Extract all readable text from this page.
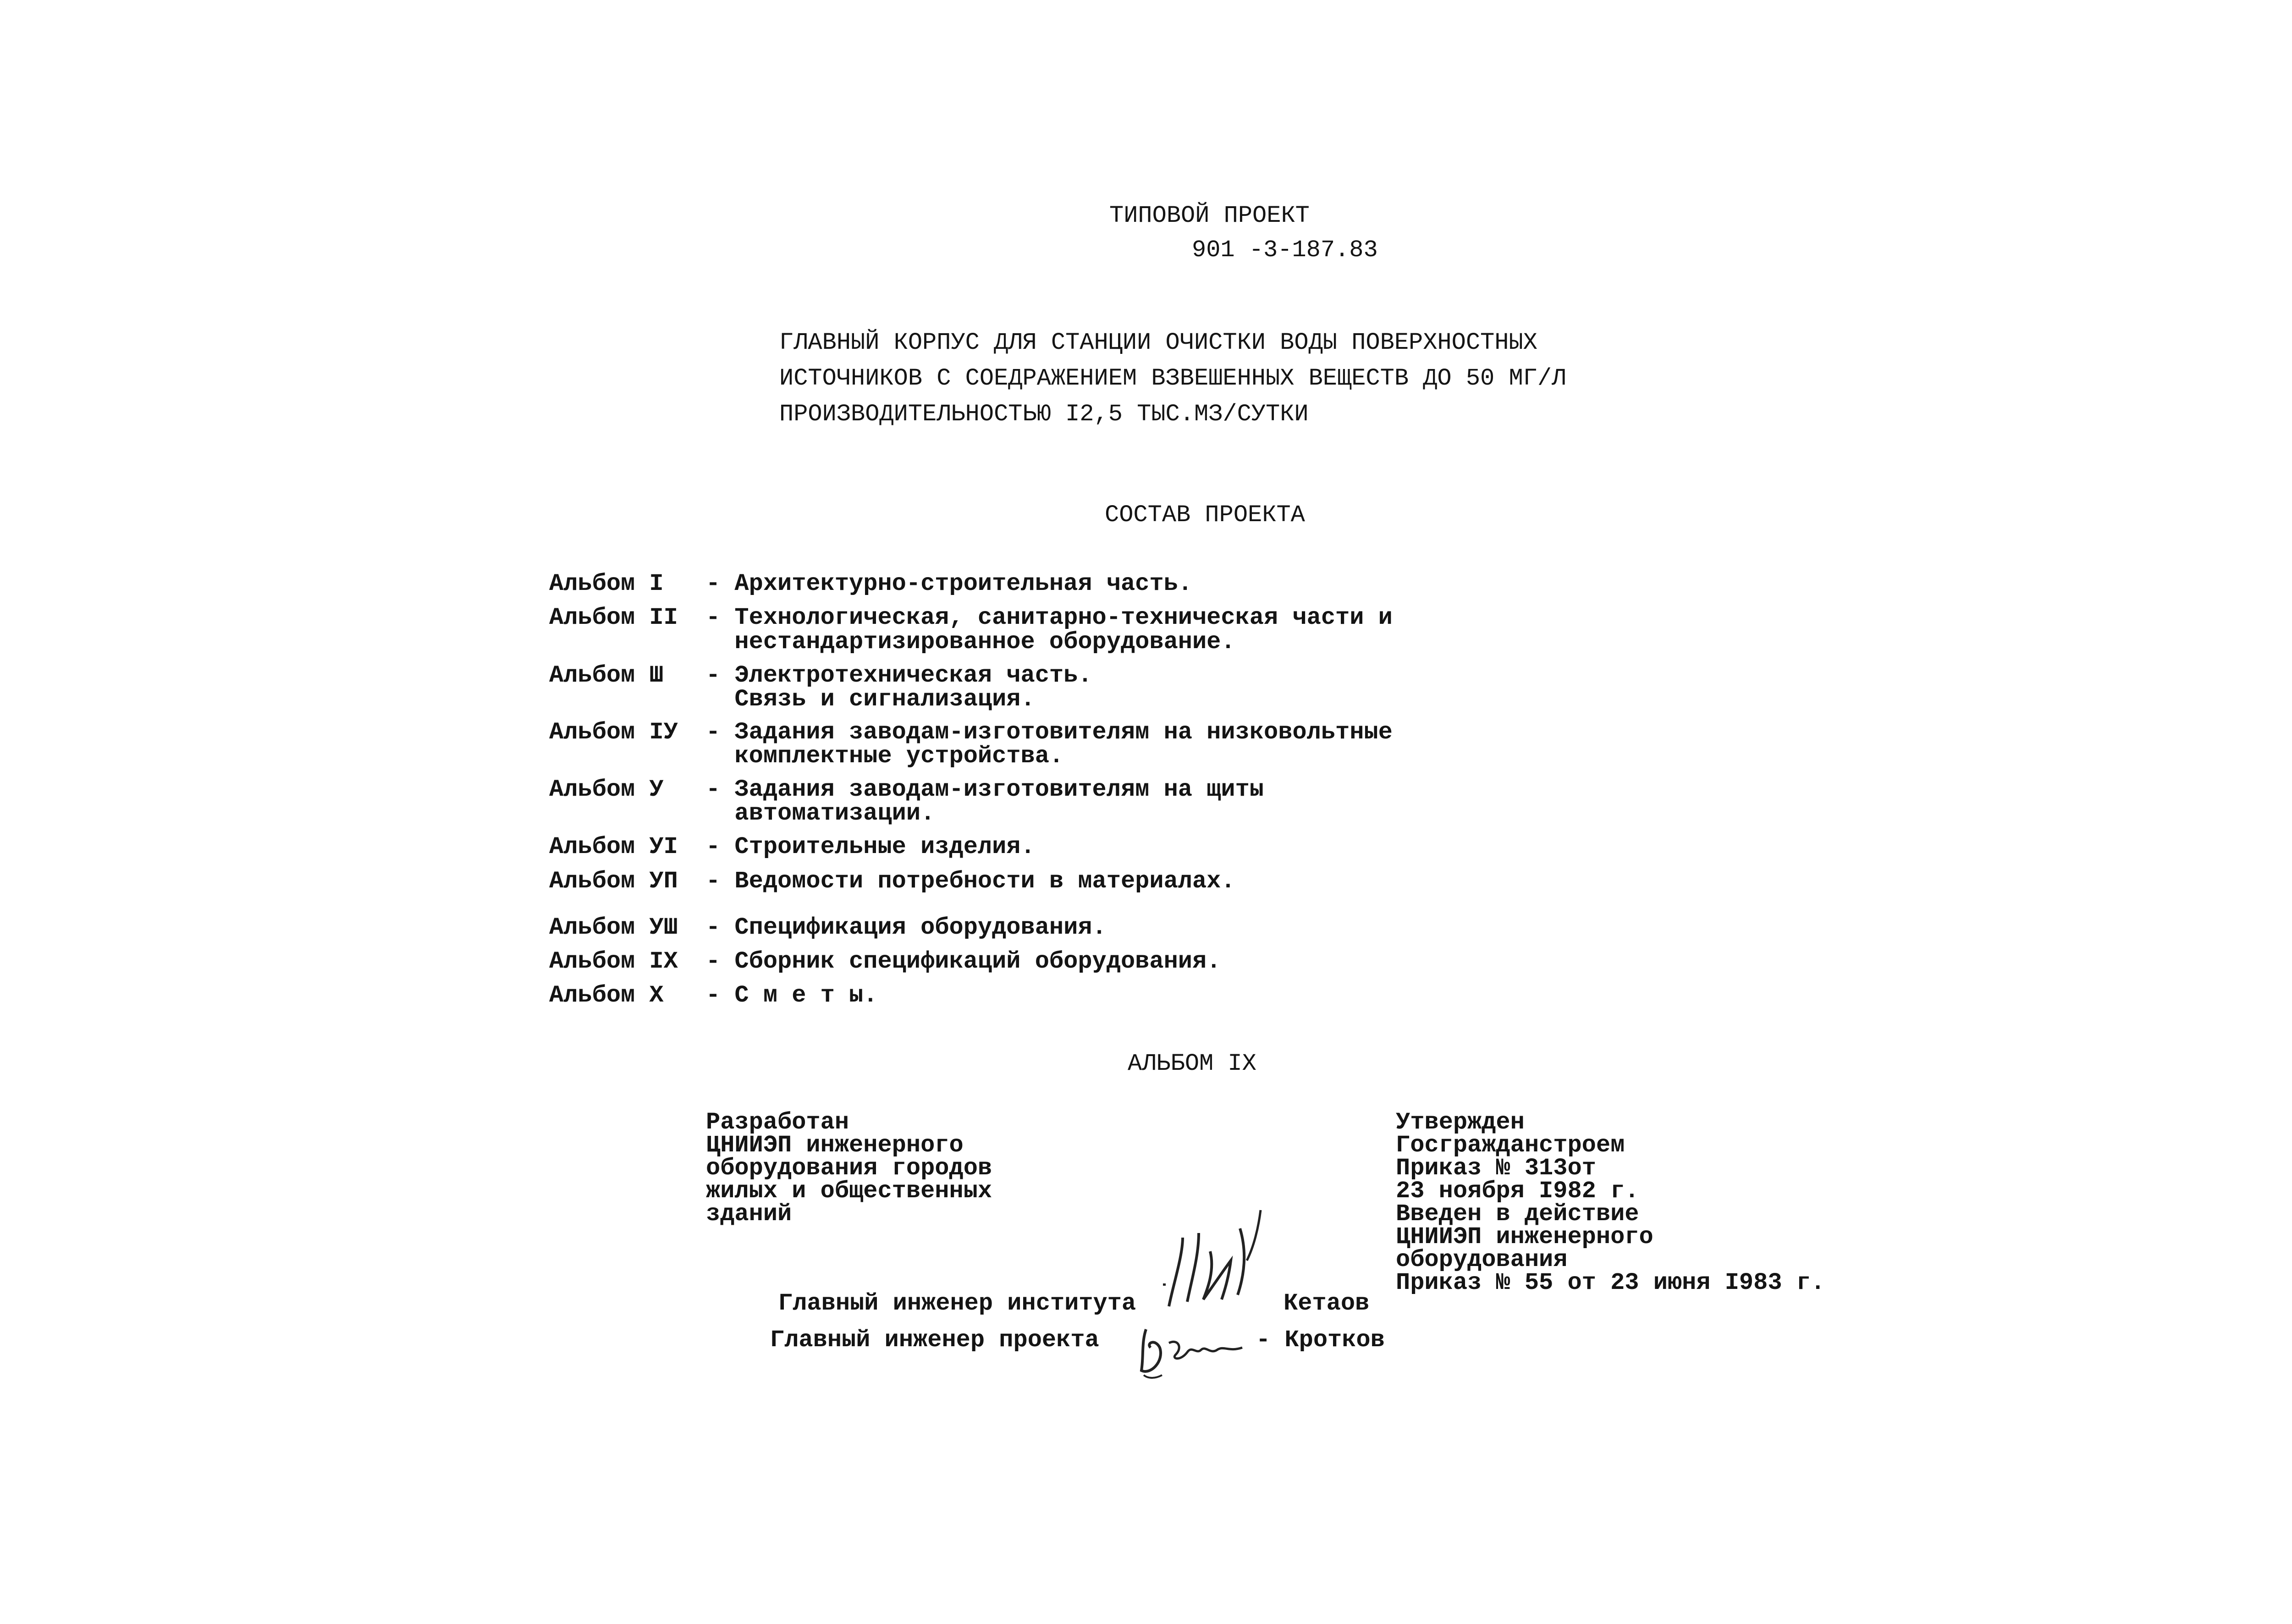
ТИПОВОЙ ПРОЕКТ
901 -3-187.83
ГЛАВНЫЙ КОРПУС ДЛЯ СТАНЦИИ ОЧИСТКИ ВОДЫ ПОВЕРХНОСТНЫХ
ИСТОЧНИКОВ С СОЕДРАЖЕНИЕМ ВЗВЕШЕННЫХ ВЕЩЕСТВ ДО 50 МГ/Л
ПРОИЗВОДИТЕЛЬНОСТЬЮ I2,5 ТЫС.МЗ/СУТКИ
СОСТАВ ПРОЕКТА
Альбом I - Архитектурно-строительная часть.
Альбом II - Технологическая, санитарно-техническая части и
нестандартизированное оборудование.
Альбом Ш - Электротехническая часть.
Связь и сигнализация.
Альбом IУ - Задания заводам-изготовителям на низковольтные
комплектные устройства.
Альбом У - Задания заводам-изготовителям на щиты
автоматизации.
Альбом УI - Строительные изделия.
Альбом УП - Ведомости потребности в материалах.
Альбом УШ - Спецификация оборудования.
Альбом IX - Сборник спецификаций оборудования.
Альбом X - С м е т ы.
АЛЬБОМ IX
Разработан
ЦНИИЭП инженерного
оборудования городов
жилых и общественных
зданий
Утвержден
Госгражданстроем
Приказ № 313от
23 ноября I982 г.
Введен в действие
ЦНИИЭП инженерного
оборудования
Приказ № 55 от 23 июня I983 г.
Главный инженер института	Кетаов
Главный инженер проекта	- Кротков
